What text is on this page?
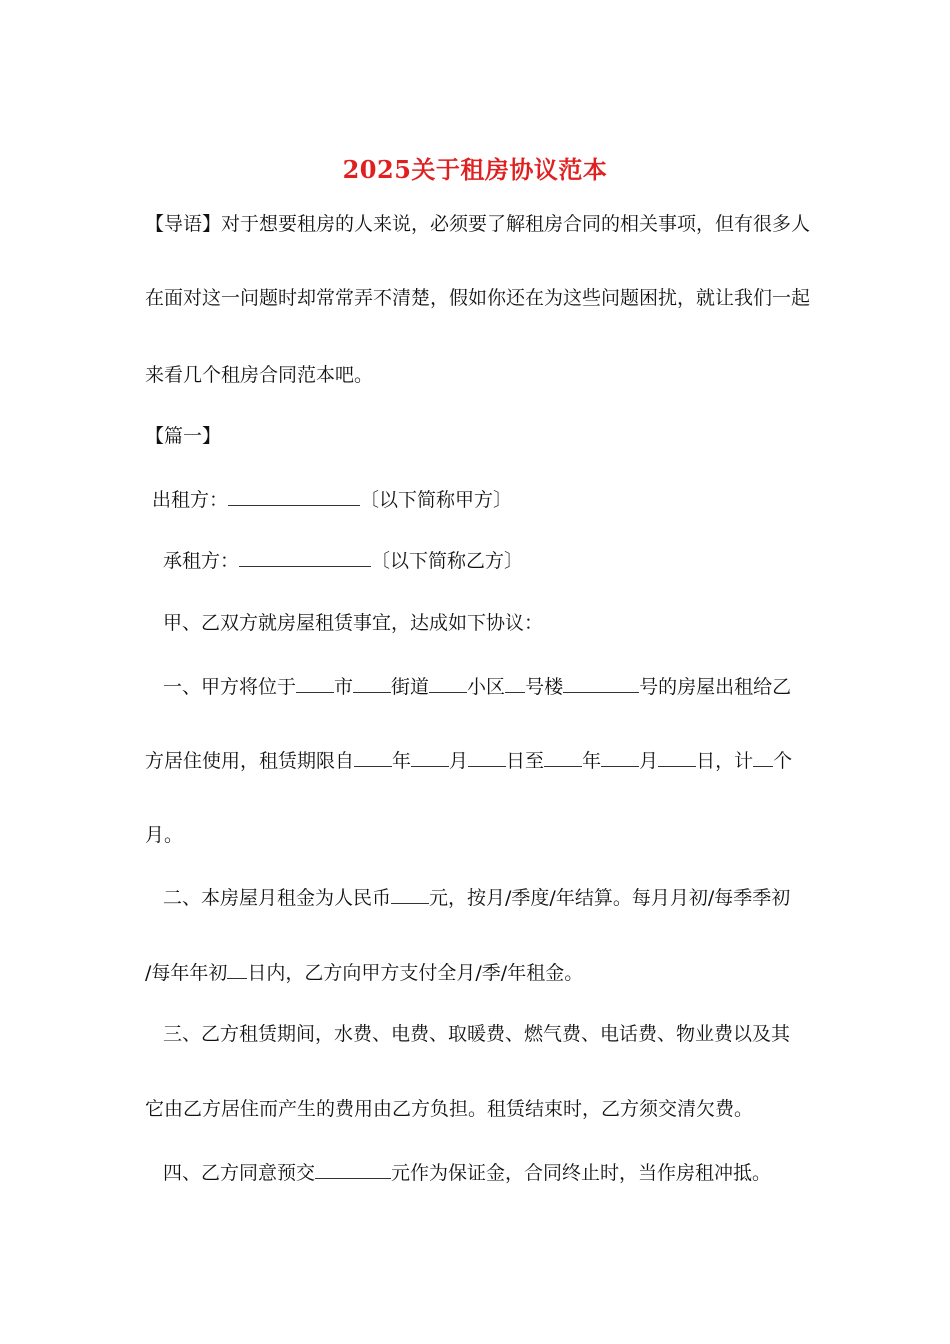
2025关于租房协议范本
【导语】对于想要租房的人来说，必须要了解租房合同的相关事项，但有很多人
在面对这一问题时却常常弄不清楚，假如你还在为这些问题困扰，就让我们一起
来看几个租房合同范本吧。
【篇一】
出租方：	〔以下简称甲方〕
承租方：	〔以下简称乙方〕
甲、乙双方就房屋租赁事宜，达成如下协议：
一、甲方将位于 市 街道 小区 号楼	号的房屋出租给乙
方居住使用，租赁期限自 年 月 日至 年 月 日，计 个
月。
二、本房屋月租金为人民币 元，按月/季度/年结算。每月月初/每季季初
/每年年初 日内，乙方向甲方支付全月/季/年租金。
三、乙方租赁期间，水费、电费、取暖费、燃气费、电话费、物业费以及其
它由乙方居住而产生的费用由乙方负担。租赁结束时，乙方须交清欠费。
四、乙方同意预交	元作为保证金，合同终止时，当作房租冲抵。
